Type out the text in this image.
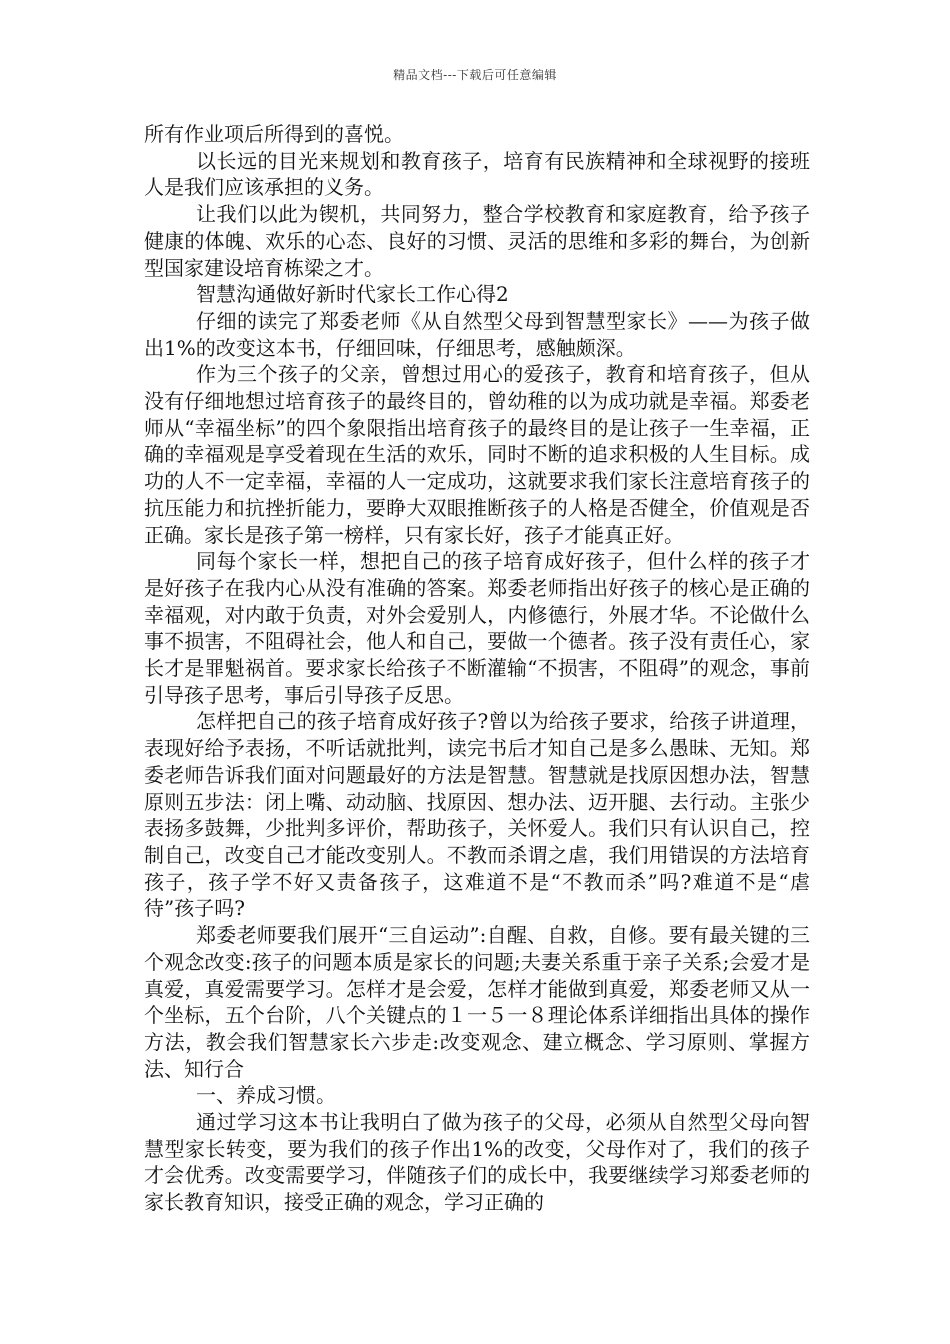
精品文档---下载后可任意编辑

所有作业项后所得到的喜悦。

以长远的目光来规划和教育孩子，培育有民族精神和全球视野的接班人是我们应该承担的义务。

让我们以此为锲机，共同努力，整合学校教育和家庭教育，给予孩子健康的体魄、欢乐的心态、良好的习惯、灵活的思维和多彩的舞台，为创新型国家建设培育栋梁之才。

智慧沟通做好新时代家长工作心得2

仔细的读完了郑委老师《从自然型父母到智慧型家长》——为孩子做出1%的改变这本书，仔细回味，仔细思考，感触颇深。

作为三个孩子的父亲，曾想过用心的爱孩子，教育和培育孩子，但从没有仔细地想过培育孩子的最终目的，曾幼稚的以为成功就是幸福。郑委老师从“幸福坐标”的四个象限指出培育孩子的最终目的是让孩子一生幸福，正确的幸福观是享受着现在生活的欢乐，同时不断的追求积极的人生目标。成功的人不一定幸福，幸福的人一定成功，这就要求我们家长注意培育孩子的抗压能力和抗挫折能力，要睁大双眼推断孩子的人格是否健全，价值观是否正确。家长是孩子第一榜样，只有家长好，孩子才能真正好。

同每个家长一样，想把自己的孩子培育成好孩子，但什么样的孩子才是好孩子在我内心从没有准确的答案。郑委老师指出好孩子的核心是正确的幸福观，对内敢于负责，对外会爱别人，内修德行，外展才华。不论做什么事不损害，不阻碍社会，他人和自己，要做一个德者。孩子没有责任心，家长才是罪魁祸首。要求家长给孩子不断灌输“不损害，不阻碍”的观念，事前引导孩子思考，事后引导孩子反思。

怎样把自己的孩子培育成好孩子?曾以为给孩子要求，给孩子讲道理，表现好给予表扬，不听话就批判，读完书后才知自己是多么愚昧、无知。郑委老师告诉我们面对问题最好的方法是智慧。智慧就是找原因想办法，智慧原则五步法：闭上嘴、动动脑、找原因、想办法、迈开腿、去行动。主张少表扬多鼓舞，少批判多评价，帮助孩子，关怀爱人。我们只有认识自己，控制自己，改变自己才能改变别人。不教而杀谓之虐，我们用错误的方法培育孩子，孩子学不好又责备孩子，这难道不是“不教而杀”吗?难道不是“虐待”孩子吗?

郑委老师要我们展开“三自运动”:自醒、自救，自修。要有最关键的三个观念改变:孩子的问题本质是家长的问题;夫妻关系重于亲子关系;会爱才是真爱，真爱需要学习。怎样才是会爱，怎样才能做到真爱，郑委老师又从一个坐标，五个台阶，八个关键点的１一５一８理论体系详细指出具体的操作方法，教会我们智慧家长六步走:改变观念、建立概念、学习原则、掌握方法、知行合

一、养成习惯。

通过学习这本书让我明白了做为孩子的父母，必须从自然型父母向智慧型家长转变，要为我们的孩子作出1%的改变，父母作对了，我们的孩子才会优秀。改变需要学习，伴随孩子们的成长中，我要继续学习郑委老师的家长教育知识，接受正确的观念，学习正确的
